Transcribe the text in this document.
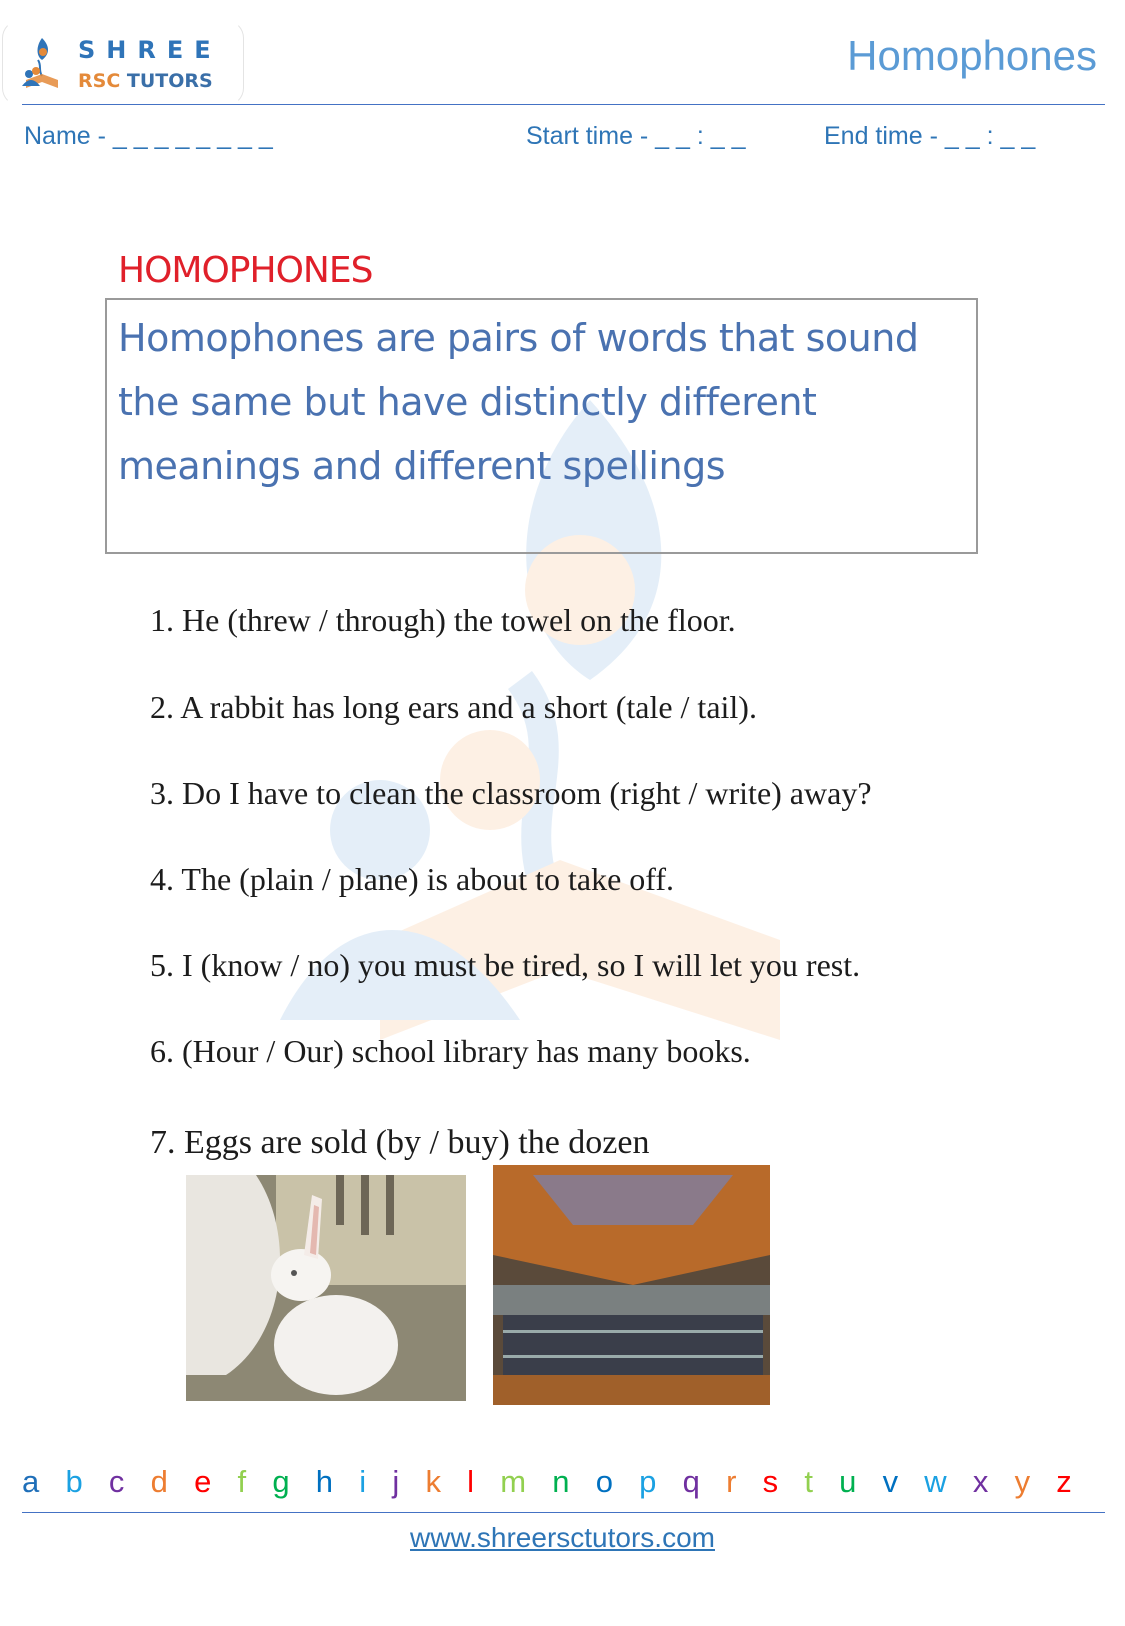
SHREE
RSC TUTORS
Homophones
Name - _ _ _ _ _ _ _ _	Start time - _ _ : _ _	End time - _ _ : _ _
HOMOPHONES
Homophones are pairs of words that sound the same but have distinctly different meanings and different spellings
1. He (threw / through) the towel on the floor.
2. A rabbit has long ears and a short (tale / tail).
3. Do I have to clean the classroom (right / write) away?
4. The (plain / plane) is about to take off.
5. I (know / no) you must be tired, so I will let you rest.
6. (Hour / Our) school library has many books.
7. Eggs are sold (by / buy) the dozen
a b c d e f g h i j k l m n o p q r s t u v w x y z
www.shreersctutors.com
